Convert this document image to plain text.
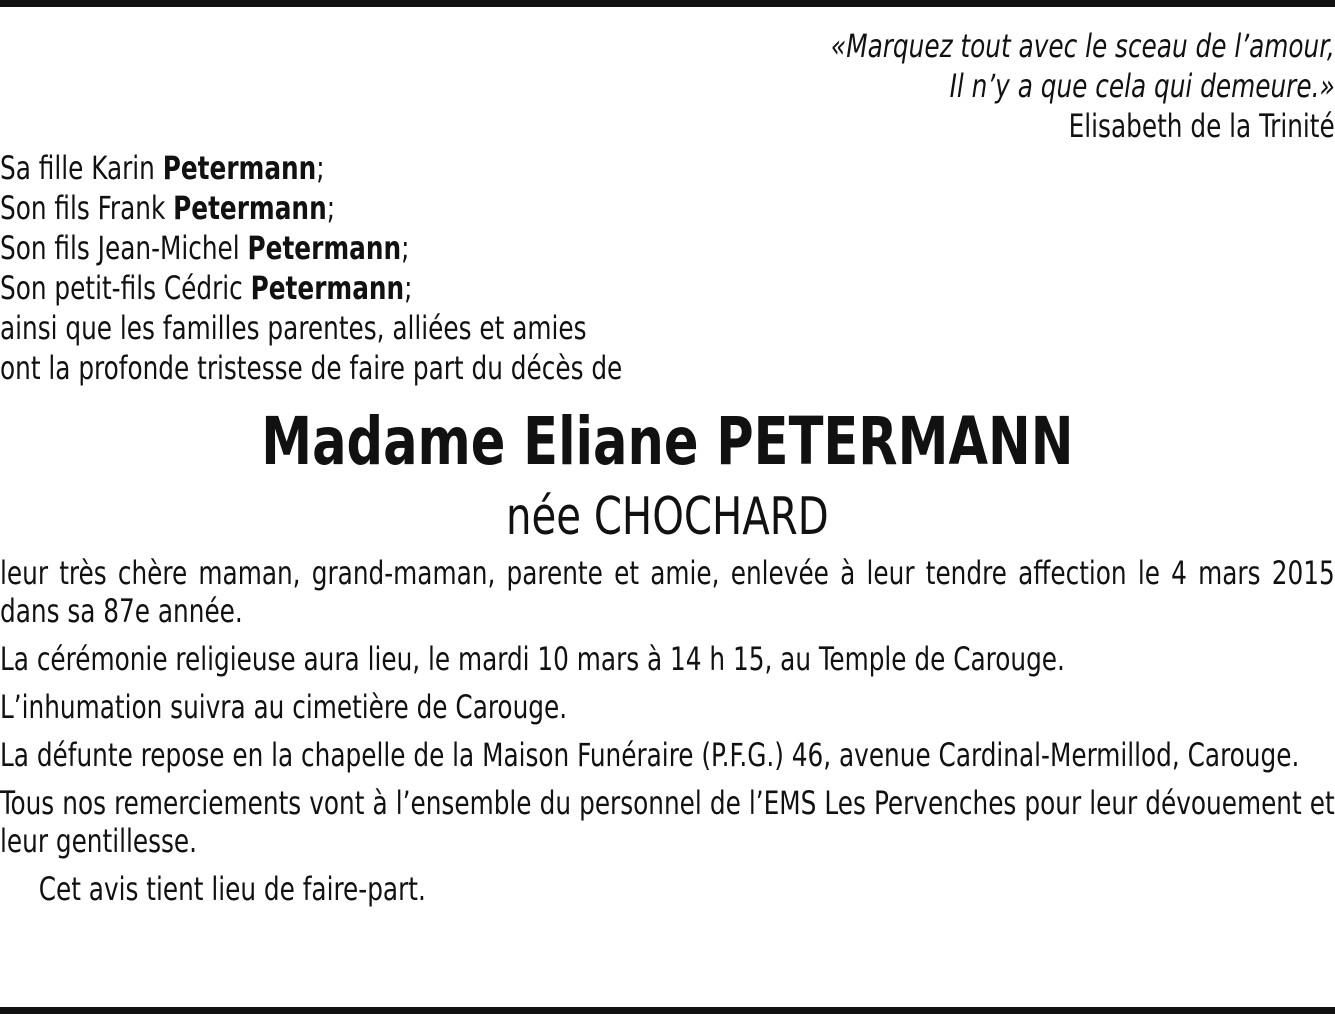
«Marquez tout avec le sceau de l’amour,
Il n’y a que cela qui demeure.»
Elisabeth de la Trinité
Sa fille Karin Petermann;
Son fils Frank Petermann;
Son fils Jean-Michel Petermann;
Son petit-fils Cédric Petermann;
ainsi que les familles parentes, alliées et amies
ont la profonde tristesse de faire part du décès de
Madame Eliane PETERMANN
née CHOCHARD
leur très chère maman, grand-maman, parente et amie, enlevée à leur tendre affection le 4 mars 2015 dans sa 87e année.
La cérémonie religieuse aura lieu, le mardi 10 mars à 14 h 15, au Temple de Carouge.
L’inhumation suivra au cimetière de Carouge.
La défunte repose en la chapelle de la Maison Funéraire (P.F.G.) 46, avenue Cardinal-Mermillod, Carouge.
Tous nos remerciements vont à l’ensemble du personnel de l’EMS Les Pervenches pour leur dévouement et leur gentillesse.
Cet avis tient lieu de faire-part.
